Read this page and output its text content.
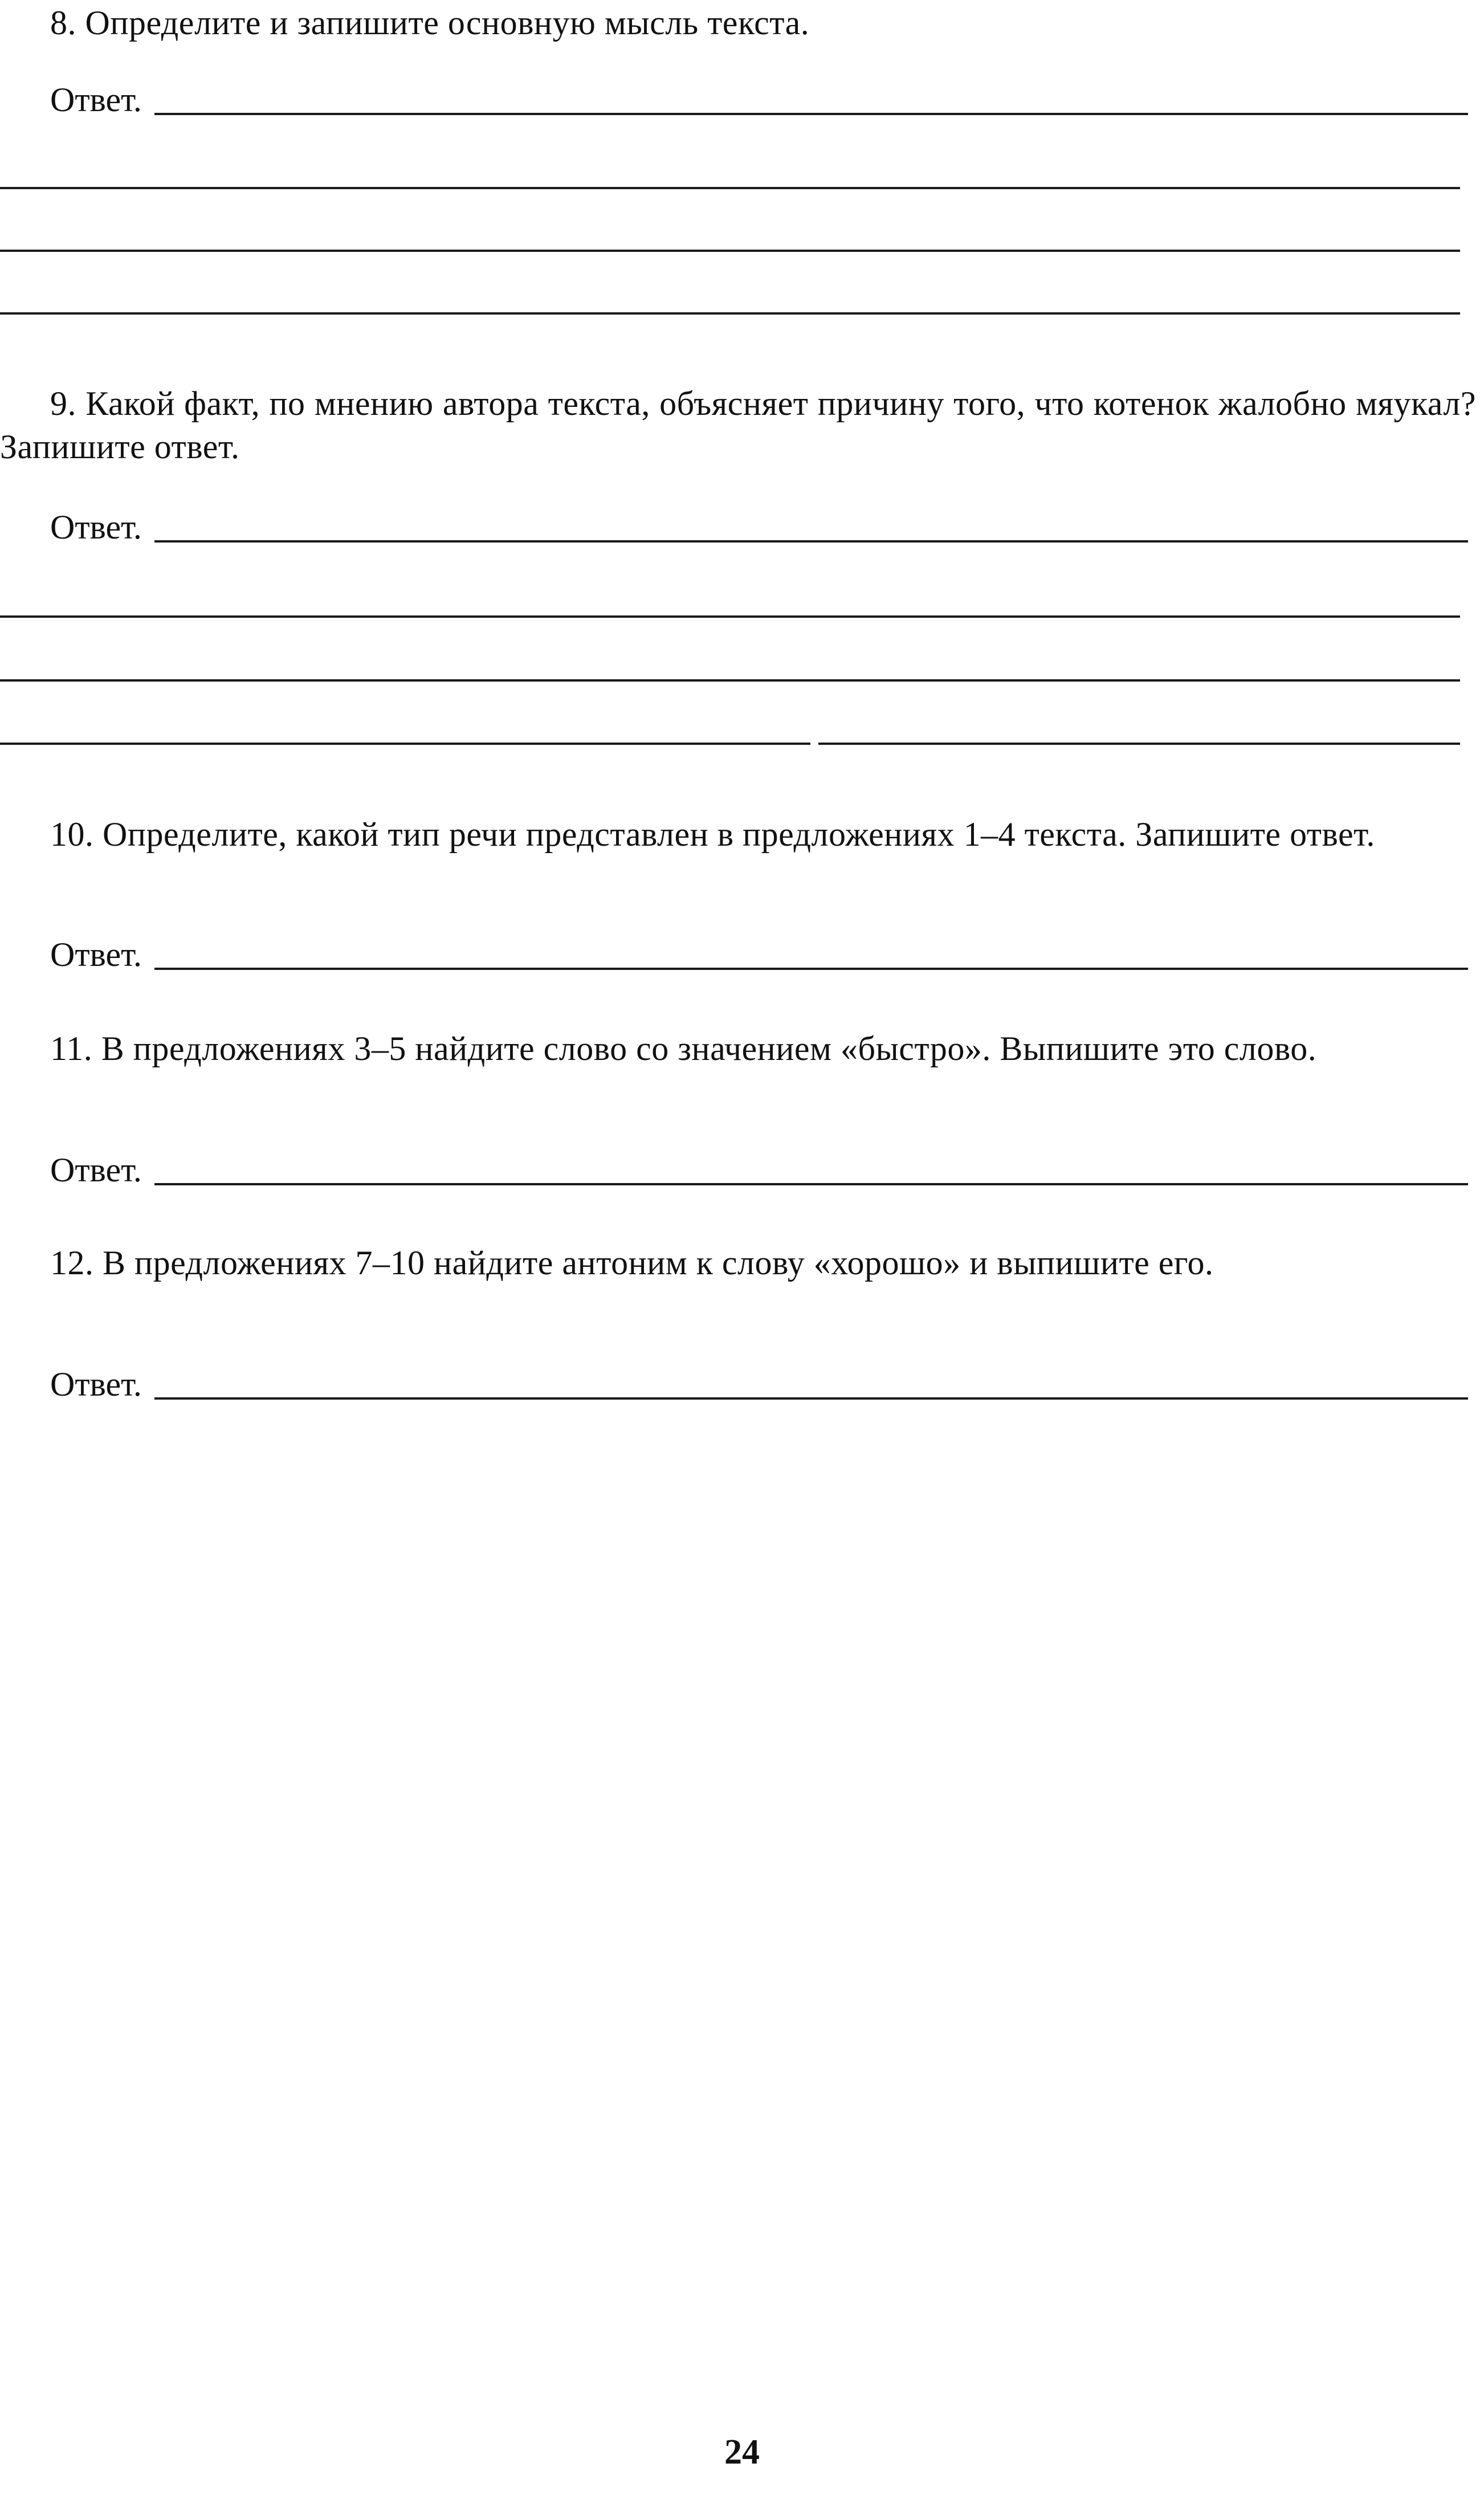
8. Определите и запишите основную мысль текста.

Ответ.

9. Какой факт, по мнению автора текста, объясняет причину того, что котенок жалобно мяукал? Запишите ответ.

Ответ.

10. Определите, какой тип речи представлен в предложениях 1–4 текста. Запишите ответ.

Ответ.

11. В предложениях 3–5 найдите слово со значением «быстро». Выпишите это слово.

Ответ.

12. В предложениях 7–10 найдите антоним к слову «хорошо» и выпишите его.

Ответ.
24
